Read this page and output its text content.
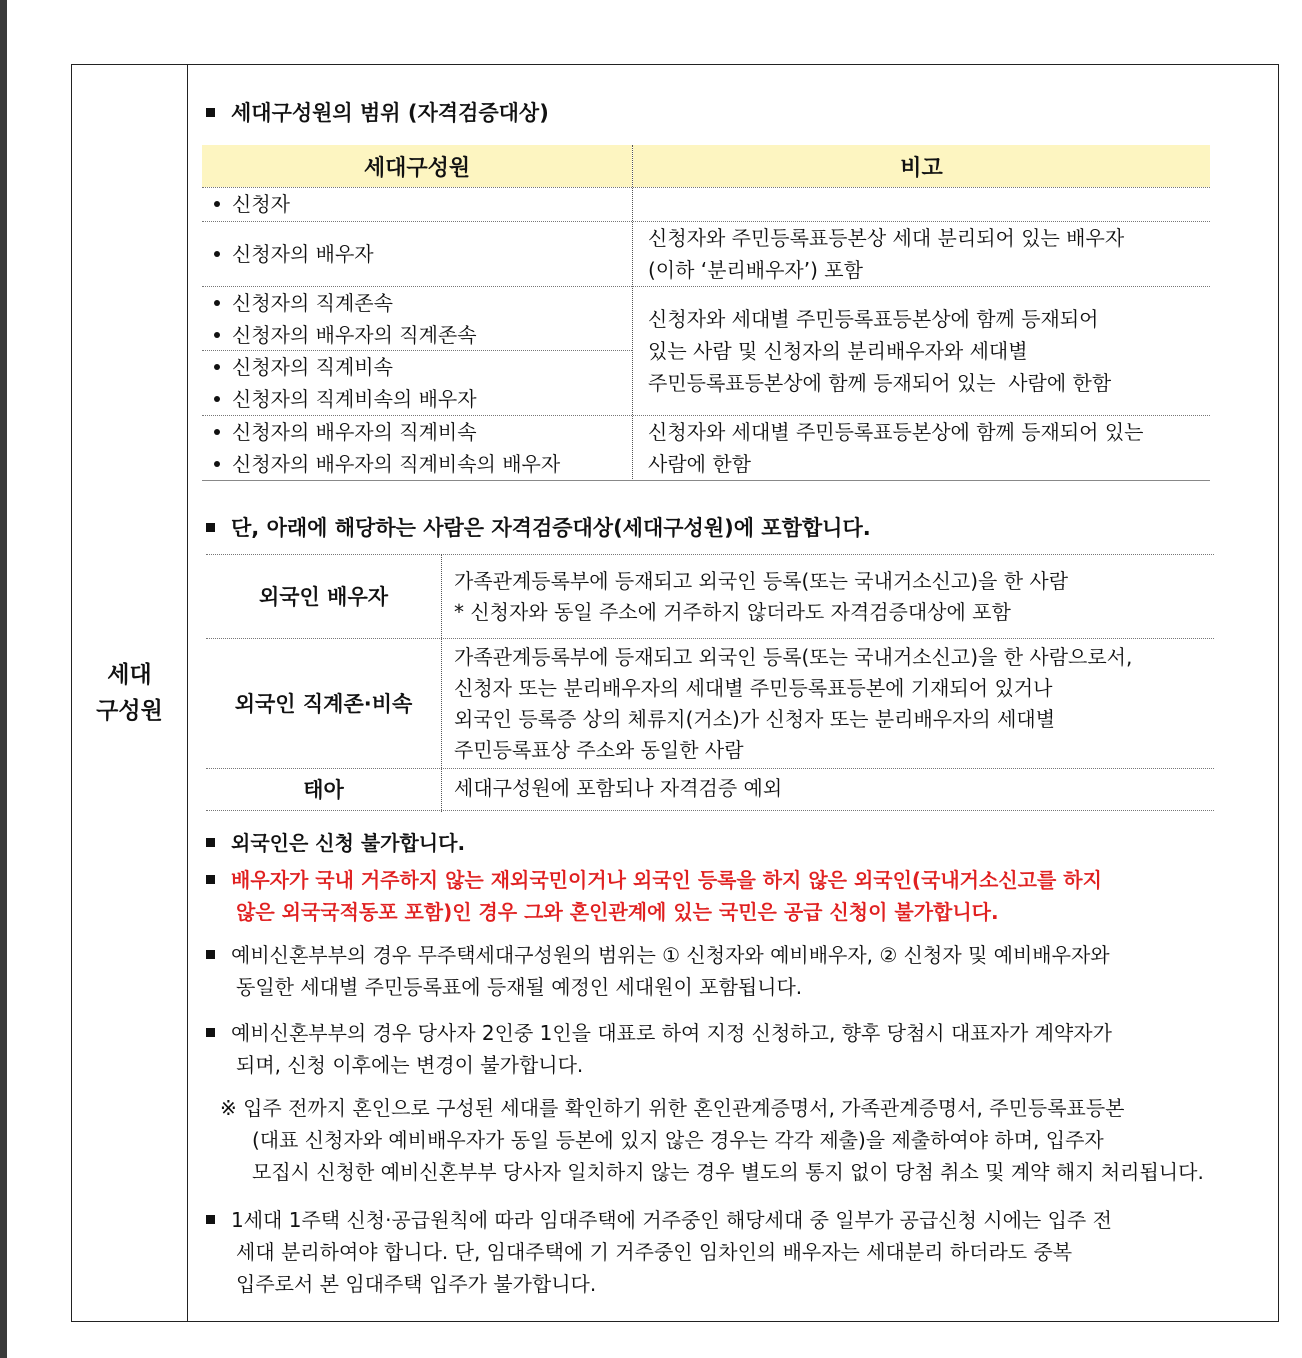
세대
구성원
세대구성원의 범위 (자격검증대상)
세대구성원	비고
신청자
신청자의 배우자
신청자와 주민등록표등본상 세대 분리되어 있는 배우자
(이하 ‘분리배우자’) 포함
신청자의 직계존속
신청자의 배우자의 직계존속
신청자의 직계비속
신청자의 직계비속의 배우자
신청자와 세대별 주민등록표등본상에 함께 등재되어
있는 사람 및 신청자의 분리배우자와 세대별
주민등록표등본상에 함께 등재되어 있는  사람에 한함
신청자의 배우자의 직계비속
신청자의 배우자의 직계비속의 배우자
신청자와 세대별 주민등록표등본상에 함께 등재되어 있는
사람에 한함
단, 아래에 해당하는 사람은 자격검증대상(세대구성원)에 포함합니다.
외국인 배우자
가족관계등록부에 등재되고 외국인 등록(또는 국내거소신고)을 한 사람
* 신청자와 동일 주소에 거주하지 않더라도 자격검증대상에 포함
외국인 직계존·비속
가족관계등록부에 등재되고 외국인 등록(또는 국내거소신고)을 한 사람으로서,
신청자 또는 분리배우자의 세대별 주민등록표등본에 기재되어 있거나
외국인 등록증 상의 체류지(거소)가 신청자 또는 분리배우자의 세대별
주민등록표상 주소와 동일한 사람
태아	세대구성원에 포함되나 자격검증 예외
외국인은 신청 불가합니다.
배우자가 국내 거주하지 않는 재외국민이거나 외국인 등록을 하지 않은 외국인(국내거소신고를 하지
않은 외국국적동포 포함)인 경우 그와 혼인관계에 있는 국민은 공급 신청이 불가합니다.
예비신혼부부의 경우 무주택세대구성원의 범위는 ① 신청자와 예비배우자, ② 신청자 및 예비배우자와
동일한 세대별 주민등록표에 등재될 예정인 세대원이 포함됩니다.
예비신혼부부의 경우 당사자 2인중 1인을 대표로 하여 지정 신청하고, 향후 당첨시 대표자가 계약자가
되며, 신청 이후에는 변경이 불가합니다.
※ 입주 전까지 혼인으로 구성된 세대를 확인하기 위한 혼인관계증명서, 가족관계증명서, 주민등록표등본
(대표 신청자와 예비배우자가 동일 등본에 있지 않은 경우는 각각 제출)을 제출하여야 하며, 입주자
모집시 신청한 예비신혼부부 당사자 일치하지 않는 경우 별도의 통지 없이 당첨 취소 및 계약 해지 처리됩니다.
1세대 1주택 신청·공급원칙에 따라 임대주택에 거주중인 해당세대 중 일부가 공급신청 시에는 입주 전
세대 분리하여야 합니다. 단, 임대주택에 기 거주중인 임차인의 배우자는 세대분리 하더라도 중복
입주로서 본 임대주택 입주가 불가합니다.
